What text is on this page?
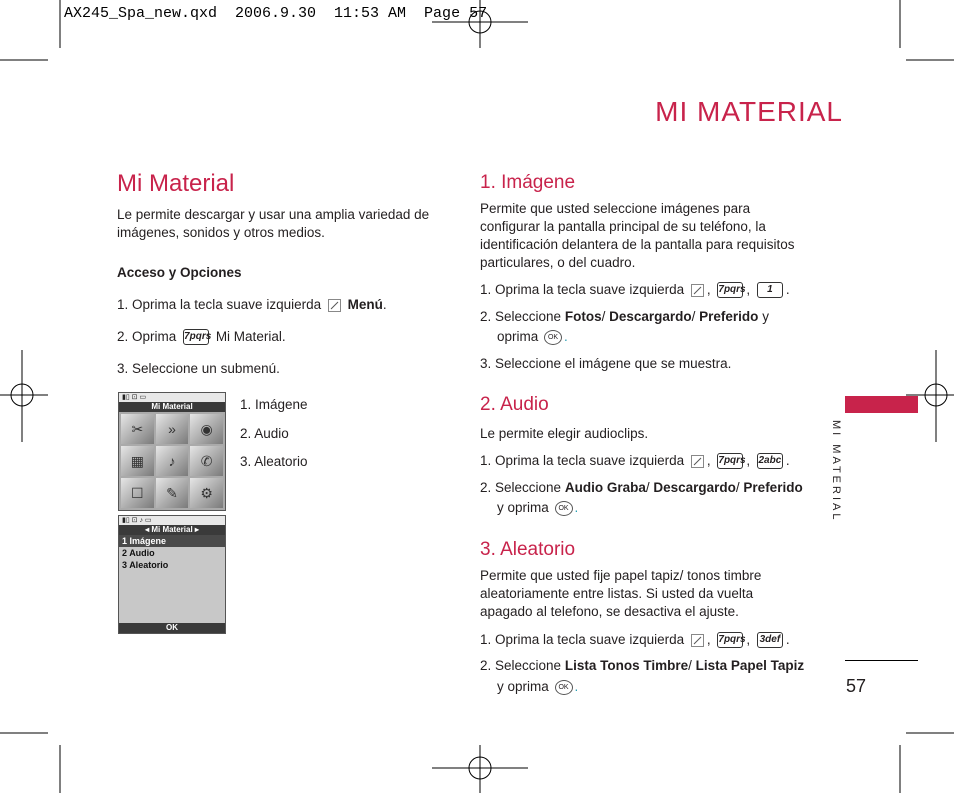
AX245_Spa_new.qxd  2006.9.30  11:53 AM  Page 57
MI MATERIAL
Mi Material
Le permite descargar y usar una amplia variedad de imágenes, sonidos y otros medios.
Acceso y Opciones
1. Oprima la tecla suave izquierda Menú.
2. Oprima 7pqrs Mi Material.
3. Seleccione un submenú.
1. Imágene
2. Audio
3. Aleatorio
▮▯ ⊡ ▭
Mi Material
✂	»	◉
▦	♪	✆
☐	✎	⚙
▮▯ ⊡ ♪ ▭
◂ Mi Material ▸
1 Imágene
2 Audio
3 Aleatorio
OK
1. Imágene
Permite que usted seleccione imágenes para configurar la pantalla principal de su teléfono, la identificación delantera de la pantalla para requisitos particulares, o del cuadro.
1. Oprima la tecla suave izquierda , 7pqrs, 1 .
2. Seleccione Fotos/ Descargardo/ Preferido y
oprima OK .
3. Seleccione el imágene que se muestra.
2. Audio
Le permite elegir audioclips.
1. Oprima la tecla suave izquierda , 7pqrs, 2abc .
2. Seleccione Audio Graba/ Descargardo/ Preferido
y oprima OK .
3. Aleatorio
Permite que usted fije papel tapiz/ tonos timbre aleatoriamente entre listas. Si usted da vuelta apagado al telefono, se desactiva el ajuste.
1. Oprima la tecla suave izquierda , 7pqrs, 3def .
2. Seleccione Lista Tonos Timbre/ Lista Papel Tapiz
y oprima OK .
MI MATERIAL
57
